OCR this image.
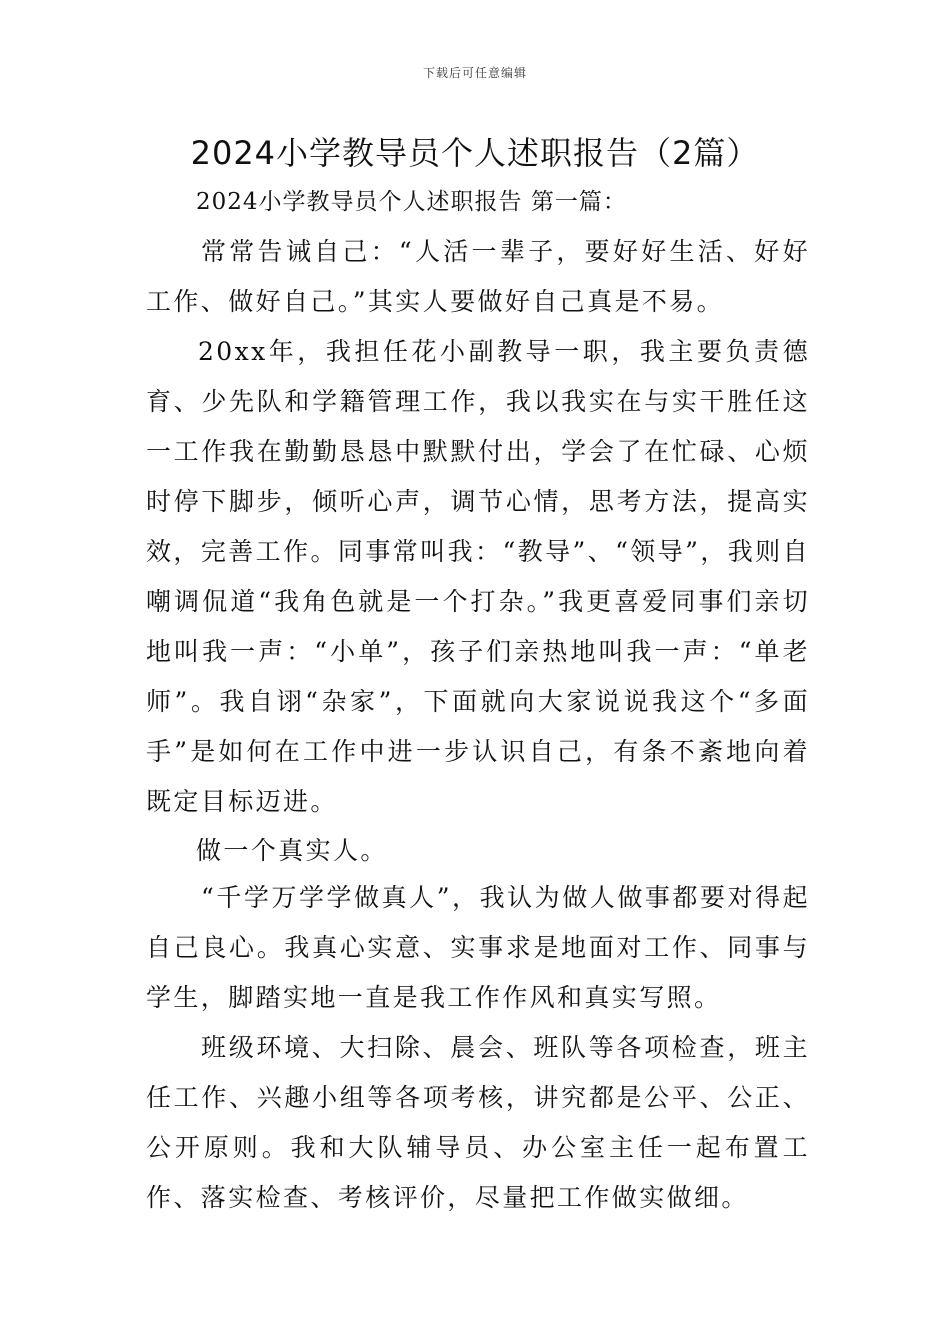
下载后可任意编辑
2024小学教导员个人述职报告（2篇）
2024小学教导员个人述职报告 第一篇：

常常告诫自己：“人活一辈子，要好好生活、好好工作、做好自己。”其实人要做好自己真是不易。

20xx年，我担任花小副教导一职，我主要负责德育、少先队和学籍管理工作，我以我实在与实干胜任这一工作我在勤勤恳恳中默默付出，学会了在忙碌、心烦时停下脚步，倾听心声，调节心情，思考方法，提高实效，完善工作。同事常叫我：“教导”、“领导”，我则自嘲调侃道“我角色就是一个打杂。”我更喜爱同事们亲切地叫我一声：“小单”，孩子们亲热地叫我一声：“单老师”。我自诩“杂家”，下面就向大家说说我这个“多面手”是如何在工作中进一步认识自己，有条不紊地向着既定目标迈进。

做一个真实人。

“千学万学学做真人”，我认为做人做事都要对得起自己良心。我真心实意、实事求是地面对工作、同事与学生，脚踏实地一直是我工作作风和真实写照。

班级环境、大扫除、晨会、班队等各项检查，班主任工作、兴趣小组等各项考核，讲究都是公平、公正、公开原则。我和大队辅导员、办公室主任一起布置工作、落实检查、考核评价，尽量把工作做实做细。
